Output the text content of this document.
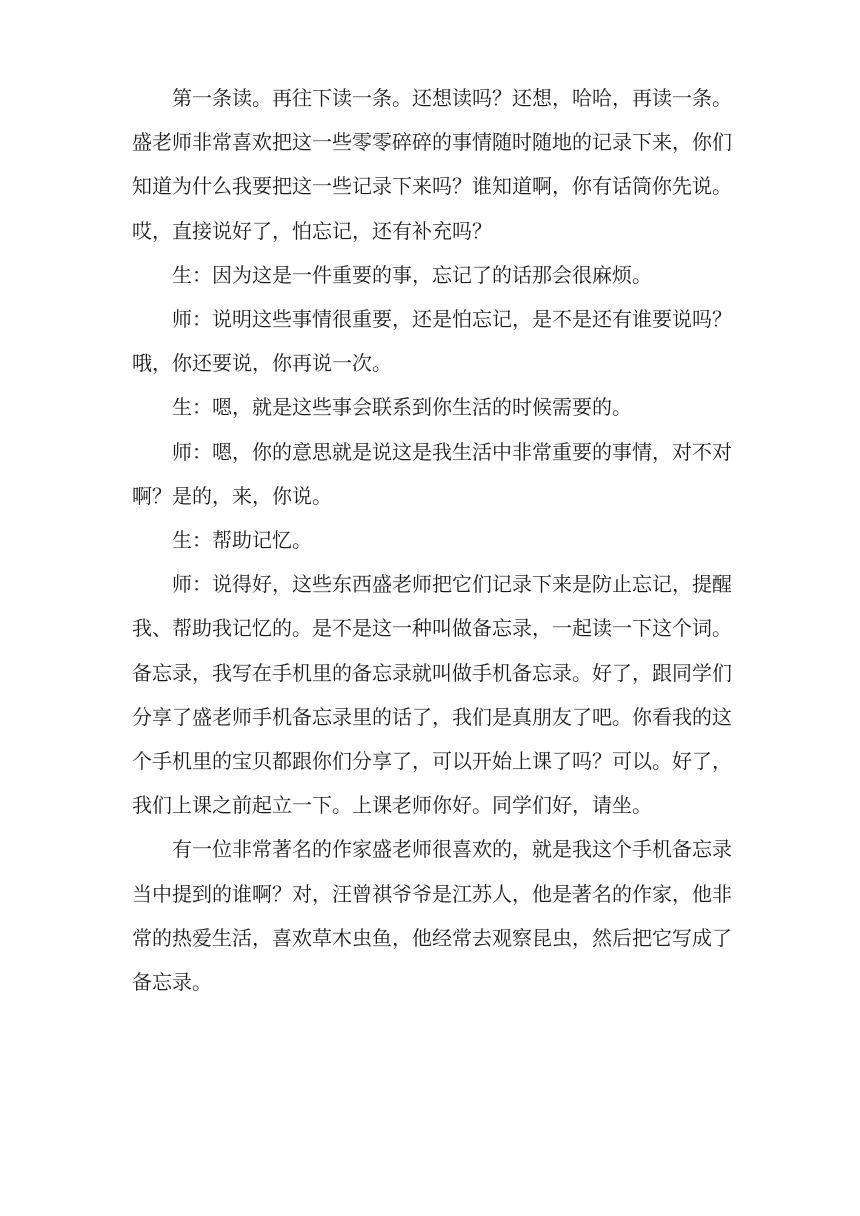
第一条读。再往下读一条。还想读吗？还想，哈哈，再读一条。盛老师非常喜欢把这一些零零碎碎的事情随时随地的记录下来，你们知道为什么我要把这一些记录下来吗？谁知道啊，你有话筒你先说。哎，直接说好了，怕忘记，还有补充吗？

生：因为这是一件重要的事，忘记了的话那会很麻烦。

师：说明这些事情很重要，还是怕忘记，是不是还有谁要说吗？哦，你还要说，你再说一次。

生：嗯，就是这些事会联系到你生活的时候需要的。

师：嗯，你的意思就是说这是我生活中非常重要的事情，对不对啊？是的，来，你说。

生：帮助记忆。

师：说得好，这些东西盛老师把它们记录下来是防止忘记，提醒我、帮助我记忆的。是不是这一种叫做备忘录，一起读一下这个词。备忘录，我写在手机里的备忘录就叫做手机备忘录。好了，跟同学们分享了盛老师手机备忘录里的话了，我们是真朋友了吧。你看我的这个手机里的宝贝都跟你们分享了，可以开始上课了吗？可以。好了，我们上课之前起立一下。上课老师你好。同学们好，请坐。

有一位非常著名的作家盛老师很喜欢的，就是我这个手机备忘录当中提到的谁啊？对，汪曾祺爷爷是江苏人，他是著名的作家，他非常的热爱生活，喜欢草木虫鱼，他经常去观察昆虫，然后把它写成了备忘录。
